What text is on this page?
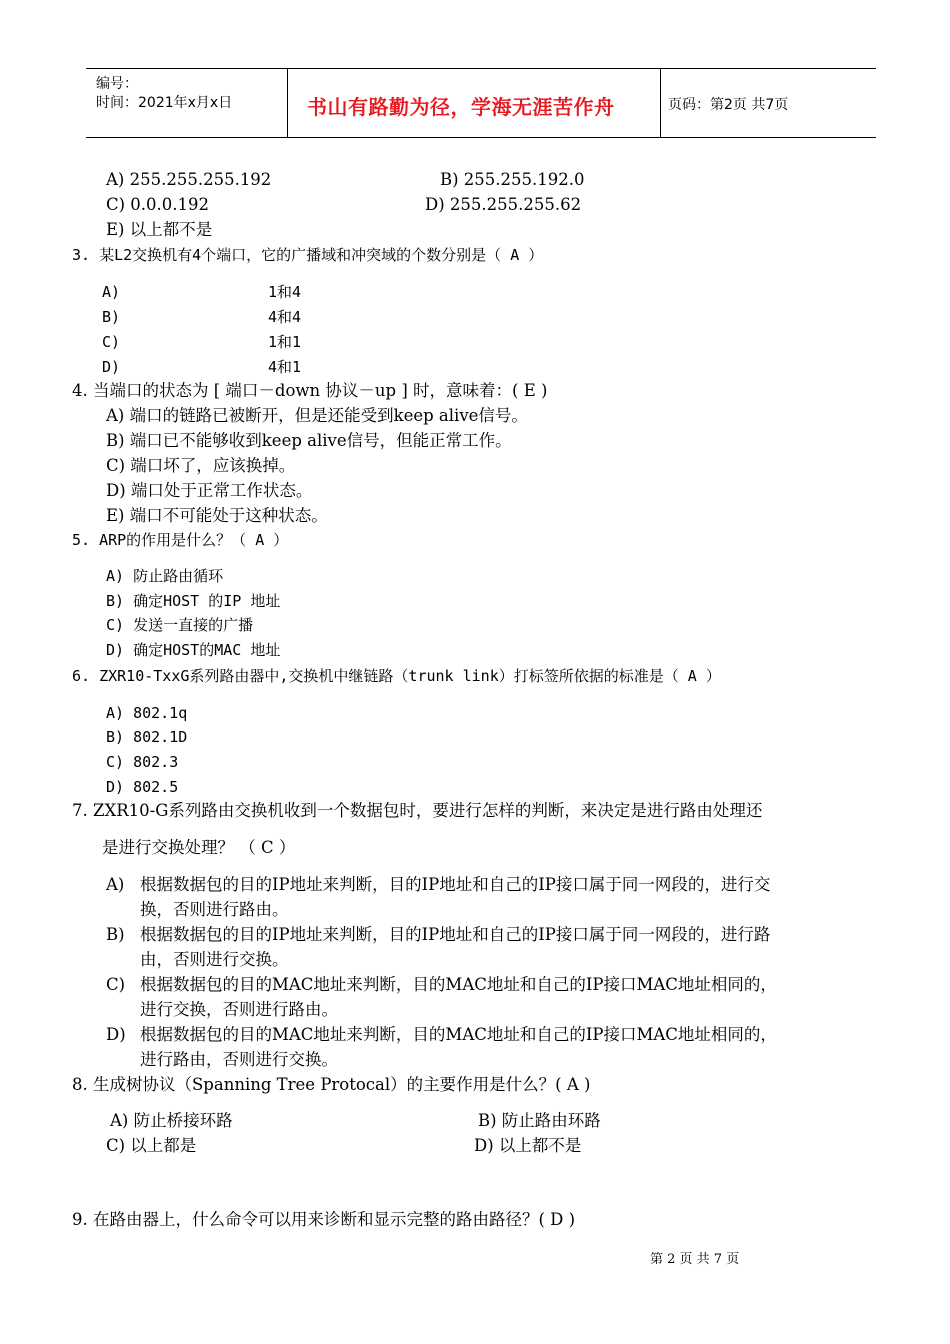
编号：
时间：2021年x月x日	书山有路勤为径，学海无涯苦作舟	页码：第2页 共7页
A) 255.255.255.192	B) 255.255.192.0
C) 0.0.0.192	D) 255.255.255.62
E) 以上都不是
3. 某L2交换机有4个端口，它的广播域和冲突域的个数分别是（ A ）
A)	1和4
B)	4和4
C)	1和1
D)	4和1
4. 当端口的状态为 [ 端口－down 协议－up ] 时，意味着：( E )
A) 端口的链路已被断开，但是还能受到keep alive信号。
B) 端口已不能够收到keep alive信号，但能正常工作。
C) 端口坏了，应该换掉。
D) 端口处于正常工作状态。
E) 端口不可能处于这种状态。
5. ARP的作用是什么？（ A ）
A) 防止路由循环
B) 确定HOST 的IP 地址
C) 发送一直接的广播
D) 确定HOST的MAC 地址
6. ZXR10-TxxG系列路由器中,交换机中继链路（trunk link）打标签所依据的标准是（ A ）
A) 802.1q
B) 802.1D
C) 802.3
D) 802.5
7. ZXR10-G系列路由交换机收到一个数据包时，要进行怎样的判断，来决定是进行路由处理还
是进行交换处理？ （ C ）
A) 根据数据包的目的IP地址来判断，目的IP地址和自己的IP接口属于同一网段的，进行交
换，否则进行路由。
B) 根据数据包的目的IP地址来判断，目的IP地址和自己的IP接口属于同一网段的，进行路
由，否则进行交换。
C) 根据数据包的目的MAC地址来判断，目的MAC地址和自己的IP接口MAC地址相同的，
进行交换，否则进行路由。
D) 根据数据包的目的MAC地址来判断，目的MAC地址和自己的IP接口MAC地址相同的，
进行路由，否则进行交换。
8. 生成树协议（Spanning Tree Protocal）的主要作用是什么？( A )
A) 防止桥接环路	B) 防止路由环路
C) 以上都是	D) 以上都不是
9. 在路由器上，什么命令可以用来诊断和显示完整的路由路径？( D )
第 2 页 共 7 页
